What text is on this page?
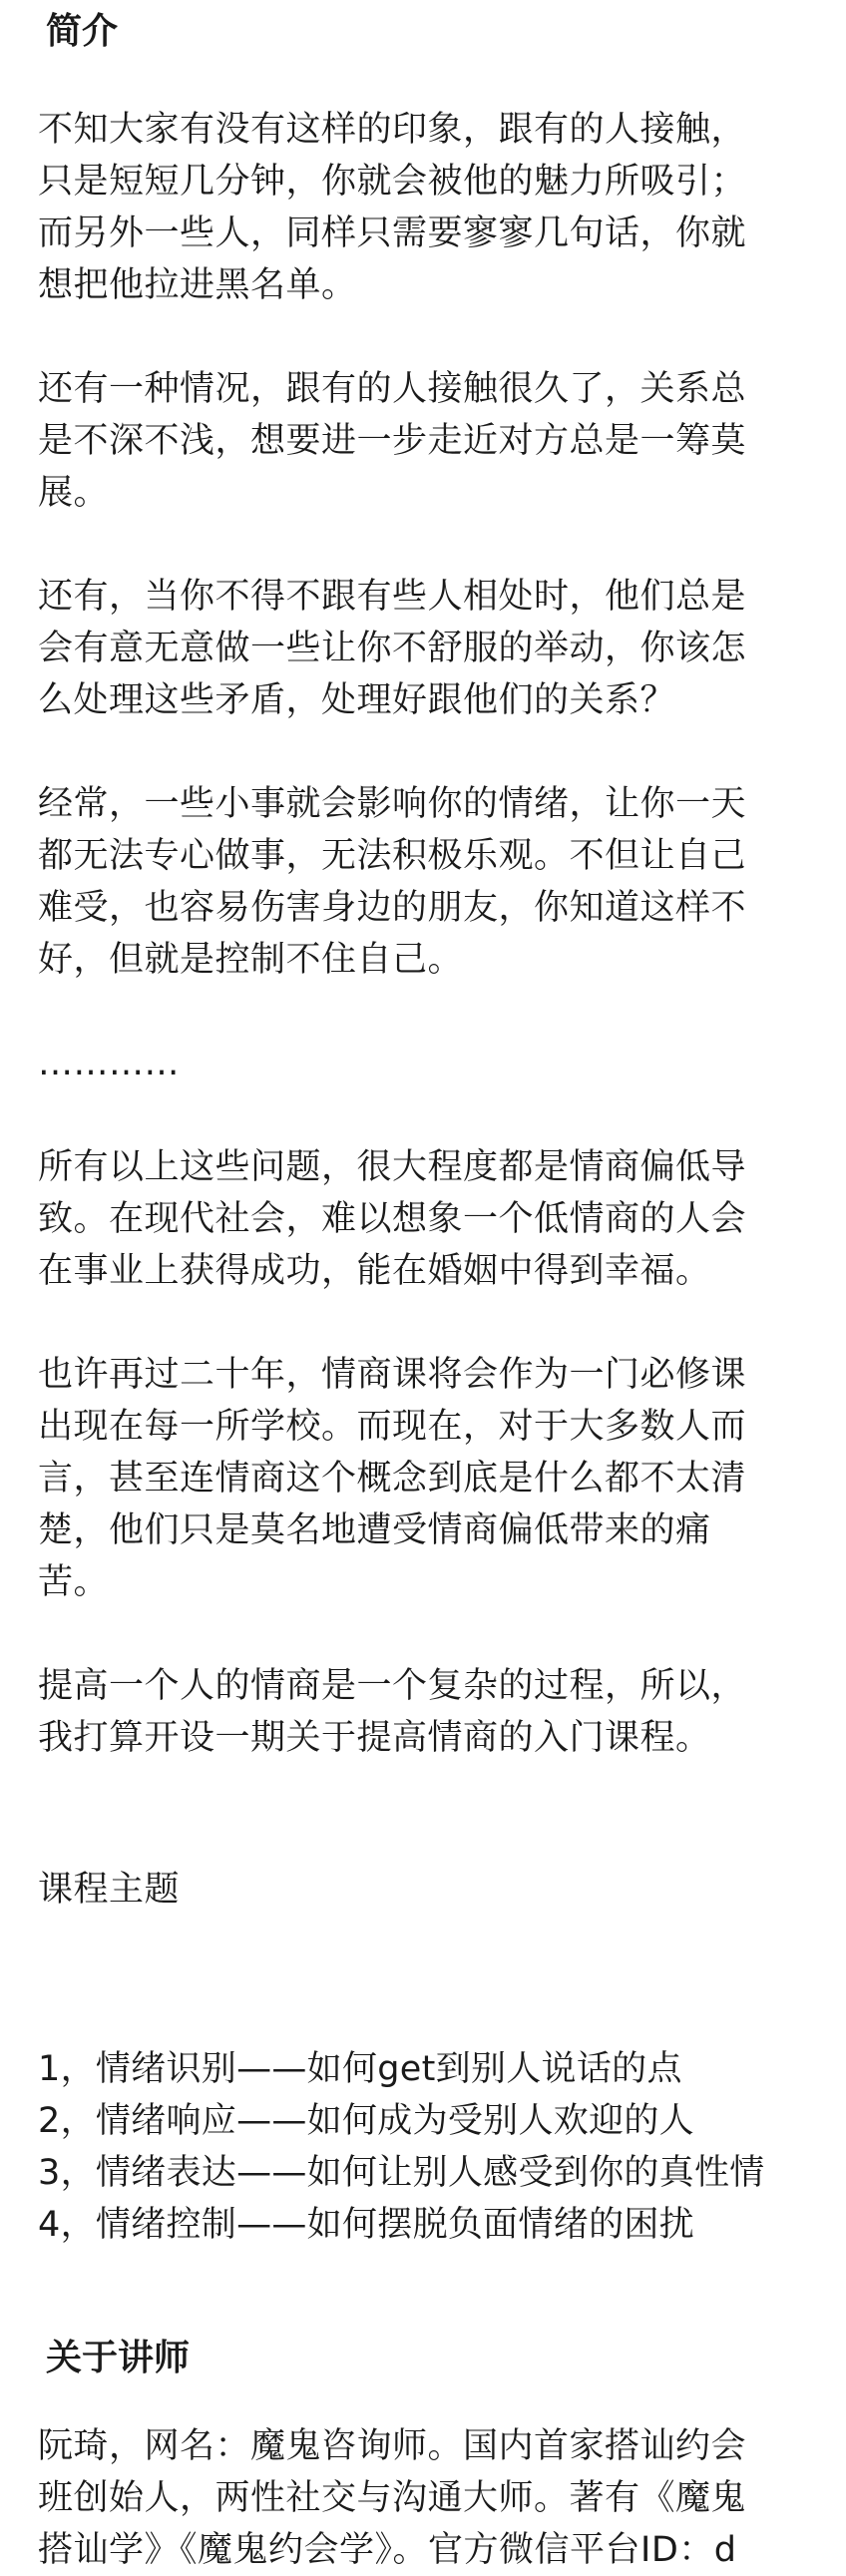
简介
不知大家有没有这样的印象，跟有的人接触，
只是短短几分钟，你就会被他的魅力所吸引；
而另外一些人，同样只需要寥寥几句话，你就
想把他拉进黑名单。
还有一种情况，跟有的人接触很久了，关系总
是不深不浅，想要进一步走近对方总是一筹莫
展。
还有，当你不得不跟有些人相处时，他们总是
会有意无意做一些让你不舒服的举动，你该怎
么处理这些矛盾，处理好跟他们的关系？
经常，一些小事就会影响你的情绪，让你一天
都无法专心做事，无法积极乐观。不但让自己
难受，也容易伤害身边的朋友，你知道这样不
好，但就是控制不住自己。
…………
所有以上这些问题，很大程度都是情商偏低导
致。在现代社会，难以想象一个低情商的人会
在事业上获得成功，能在婚姻中得到幸福。
也许再过二十年，情商课将会作为一门必修课
出现在每一所学校。而现在，对于大多数人而
言，甚至连情商这个概念到底是什么都不太清
楚，他们只是莫名地遭受情商偏低带来的痛
苦。
提高一个人的情商是一个复杂的过程，所以，
我打算开设一期关于提高情商的入门课程。
课程主题
1，情绪识别——如何get到别人说话的点
2，情绪响应——如何成为受别人欢迎的人
3，情绪表达——如何让别人感受到你的真性情
4，情绪控制——如何摆脱负面情绪的困扰
关于讲师
阮琦，网名：魔鬼咨询师。国内首家搭讪约会
班创始人，两性社交与沟通大师。著有《魔鬼
搭讪学》《魔鬼约会学》。官方微信平台ID：d
